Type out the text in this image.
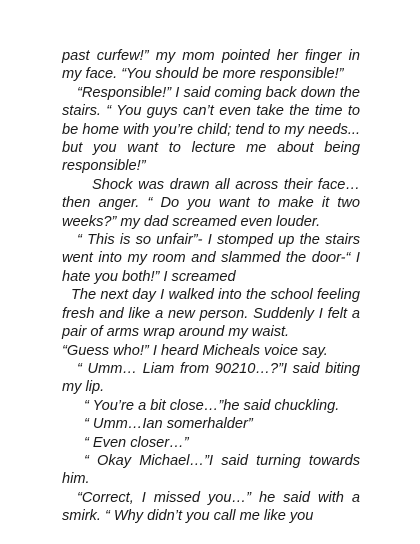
past curfew!” my mom pointed her finger in my face. “You should be more responsible!”

“Responsible!” I said coming back down the stairs. “ You guys can’t even take the time to be home with you’re child; tend to my needs... but you want to lecture me about being responsible!”

Shock was drawn all across their face… then anger. “ Do you want to make it two weeks?” my dad screamed even louder.

“ This is so unfair”- I stomped up the stairs went into my room and slammed the door-“ I hate you both!” I screamed

The next day I walked into the school feeling fresh and like a new person. Suddenly I felt a pair of arms wrap around my waist.

“Guess who!” I heard Micheals voice say.

“ Umm… Liam from 90210…?”I said biting my lip.

“ You’re a bit close…”he said chuckling.

“ Umm…Ian somerhalder”

“ Even closer…”

“ Okay Michael…”I said turning towards him.

“Correct, I missed you…” he said with a smirk. “ Why didn’t you call me like you
